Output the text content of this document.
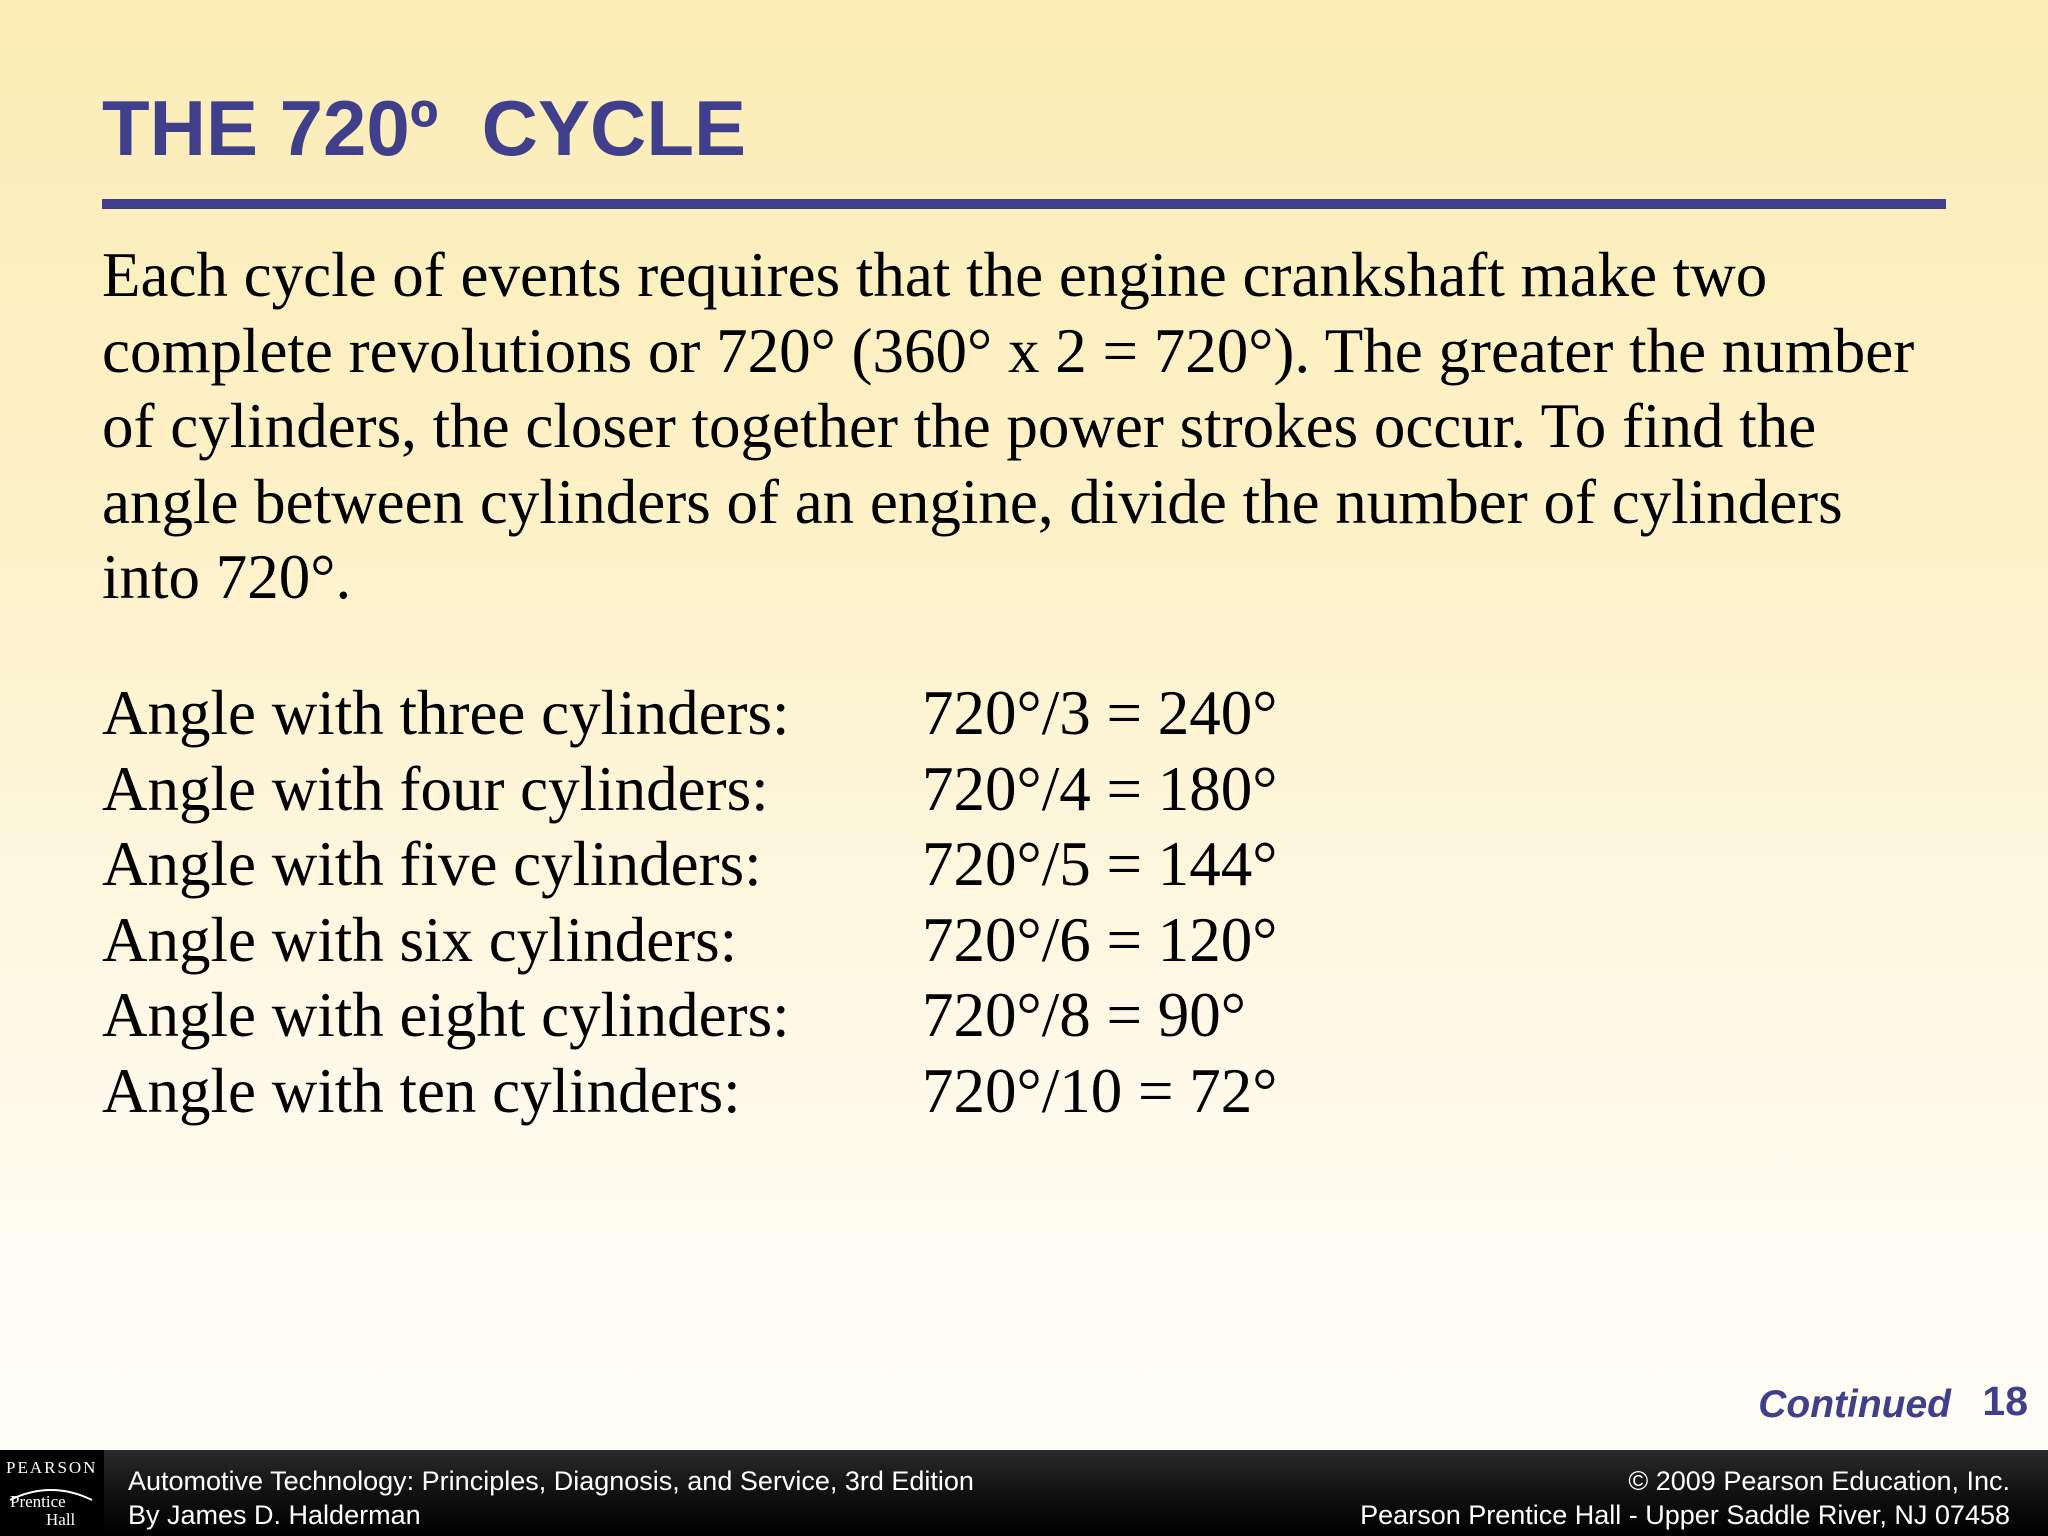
THE 720º  CYCLE

Each cycle of events requires that the engine crankshaft make two complete revolutions or 720° (360° x 2 = 720°). The greater the number of cylinders, the closer together the power strokes occur. To find the angle between cylinders of an engine, divide the number of cylinders into 720°.

Angle with three cylinders:	720°/3 = 240°
Angle with four cylinders:	720°/4 = 180°
Angle with five cylinders:	720°/5 = 144°
Angle with six cylinders:	720°/6 = 120°
Angle with eight cylinders:	720°/8 = 90°
Angle with ten cylinders:	720°/10 = 72°
Continued 18
PEARSON
Prentice
Hall
Automotive Technology: Principles, Diagnosis, and Service, 3rd Edition
By James D. Halderman
© 2009 Pearson Education, Inc.
Pearson Prentice Hall - Upper Saddle River, NJ 07458
